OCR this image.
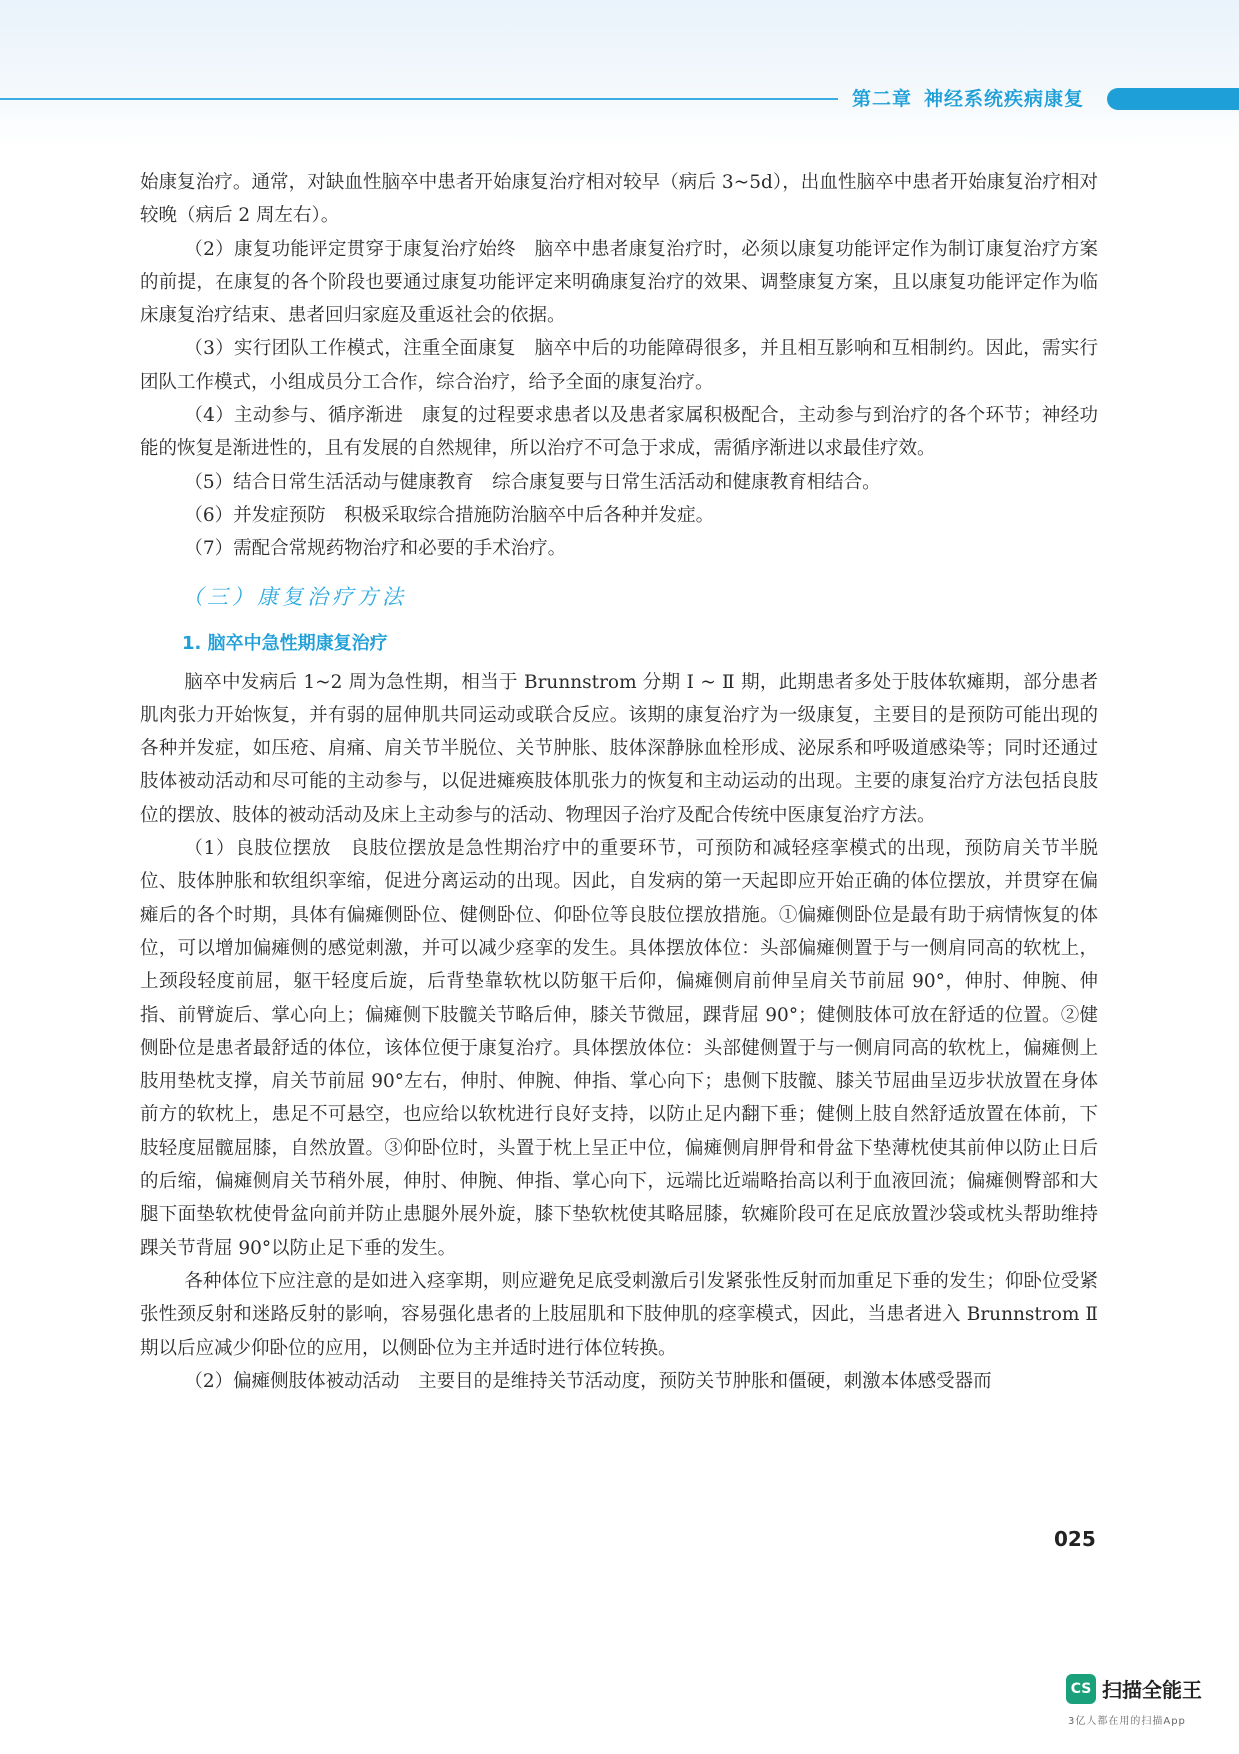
第二章 神经系统疾病康复

始康复治疗。通常，对缺血性脑卒中患者开始康复治疗相对较早（病后 3~5d），出血性脑卒中患者开始康复治疗相对较晚（病后 2 周左右）。

（2）康复功能评定贯穿于康复治疗始终　脑卒中患者康复治疗时，必须以康复功能评定作为制订康复治疗方案的前提，在康复的各个阶段也要通过康复功能评定来明确康复治疗的效果、调整康复方案，且以康复功能评定作为临床康复治疗结束、患者回归家庭及重返社会的依据。

（3）实行团队工作模式，注重全面康复　脑卒中后的功能障碍很多，并且相互影响和互相制约。因此，需实行团队工作模式，小组成员分工合作，综合治疗，给予全面的康复治疗。

（4）主动参与、循序渐进　康复的过程要求患者以及患者家属积极配合，主动参与到治疗的各个环节；神经功能的恢复是渐进性的，且有发展的自然规律，所以治疗不可急于求成，需循序渐进以求最佳疗效。

（5）结合日常生活活动与健康教育　综合康复要与日常生活活动和健康教育相结合。

（6）并发症预防　积极采取综合措施防治脑卒中后各种并发症。

（7）需配合常规药物治疗和必要的手术治疗。

（三）康复治疗方法

1. 脑卒中急性期康复治疗

脑卒中发病后 1~2 周为急性期，相当于 Brunnstrom 分期 Ⅰ ~ Ⅱ 期，此期患者多处于肢体软瘫期，部分患者肌肉张力开始恢复，并有弱的屈伸肌共同运动或联合反应。该期的康复治疗为一级康复，主要目的是预防可能出现的各种并发症，如压疮、肩痛、肩关节半脱位、关节肿胀、肢体深静脉血栓形成、泌尿系和呼吸道感染等；同时还通过肢体被动活动和尽可能的主动参与，以促进瘫痪肢体肌张力的恢复和主动运动的出现。主要的康复治疗方法包括良肢位的摆放、肢体的被动活动及床上主动参与的活动、物理因子治疗及配合传统中医康复治疗方法。

（1）良肢位摆放　良肢位摆放是急性期治疗中的重要环节，可预防和减轻痉挛模式的出现，预防肩关节半脱位、肢体肿胀和软组织挛缩，促进分离运动的出现。因此，自发病的第一天起即应开始正确的体位摆放，并贯穿在偏瘫后的各个时期，具体有偏瘫侧卧位、健侧卧位、仰卧位等良肢位摆放措施。①偏瘫侧卧位是最有助于病情恢复的体位，可以增加偏瘫侧的感觉刺激，并可以减少痉挛的发生。具体摆放体位：头部偏瘫侧置于与一侧肩同高的软枕上，上颈段轻度前屈，躯干轻度后旋，后背垫靠软枕以防躯干后仰，偏瘫侧肩前伸呈肩关节前屈 90°，伸肘、伸腕、伸指、前臂旋后、掌心向上；偏瘫侧下肢髋关节略后伸，膝关节微屈，踝背屈 90°；健侧肢体可放在舒适的位置。②健侧卧位是患者最舒适的体位，该体位便于康复治疗。具体摆放体位：头部健侧置于与一侧肩同高的软枕上，偏瘫侧上肢用垫枕支撑，肩关节前屈 90°左右，伸肘、伸腕、伸指、掌心向下；患侧下肢髋、膝关节屈曲呈迈步状放置在身体前方的软枕上，患足不可悬空，也应给以软枕进行良好支持，以防止足内翻下垂；健侧上肢自然舒适放置在体前，下肢轻度屈髋屈膝，自然放置。③仰卧位时，头置于枕上呈正中位，偏瘫侧肩胛骨和骨盆下垫薄枕使其前伸以防止日后的后缩，偏瘫侧肩关节稍外展，伸肘、伸腕、伸指、掌心向下，远端比近端略抬高以利于血液回流；偏瘫侧臀部和大腿下面垫软枕使骨盆向前并防止患腿外展外旋，膝下垫软枕使其略屈膝，软瘫阶段可在足底放置沙袋或枕头帮助维持踝关节背屈 90°以防止足下垂的发生。

各种体位下应注意的是如进入痉挛期，则应避免足底受刺激后引发紧张性反射而加重足下垂的发生；仰卧位受紧张性颈反射和迷路反射的影响，容易强化患者的上肢屈肌和下肢伸肌的痉挛模式，因此，当患者进入 Brunnstrom Ⅱ 期以后应减少仰卧位的应用，以侧卧位为主并适时进行体位转换。

（2）偏瘫侧肢体被动活动　主要目的是维持关节活动度，预防关节肿胀和僵硬，刺激本体感受器而

025
CS 扫描全能王
3亿人都在用的扫描App
